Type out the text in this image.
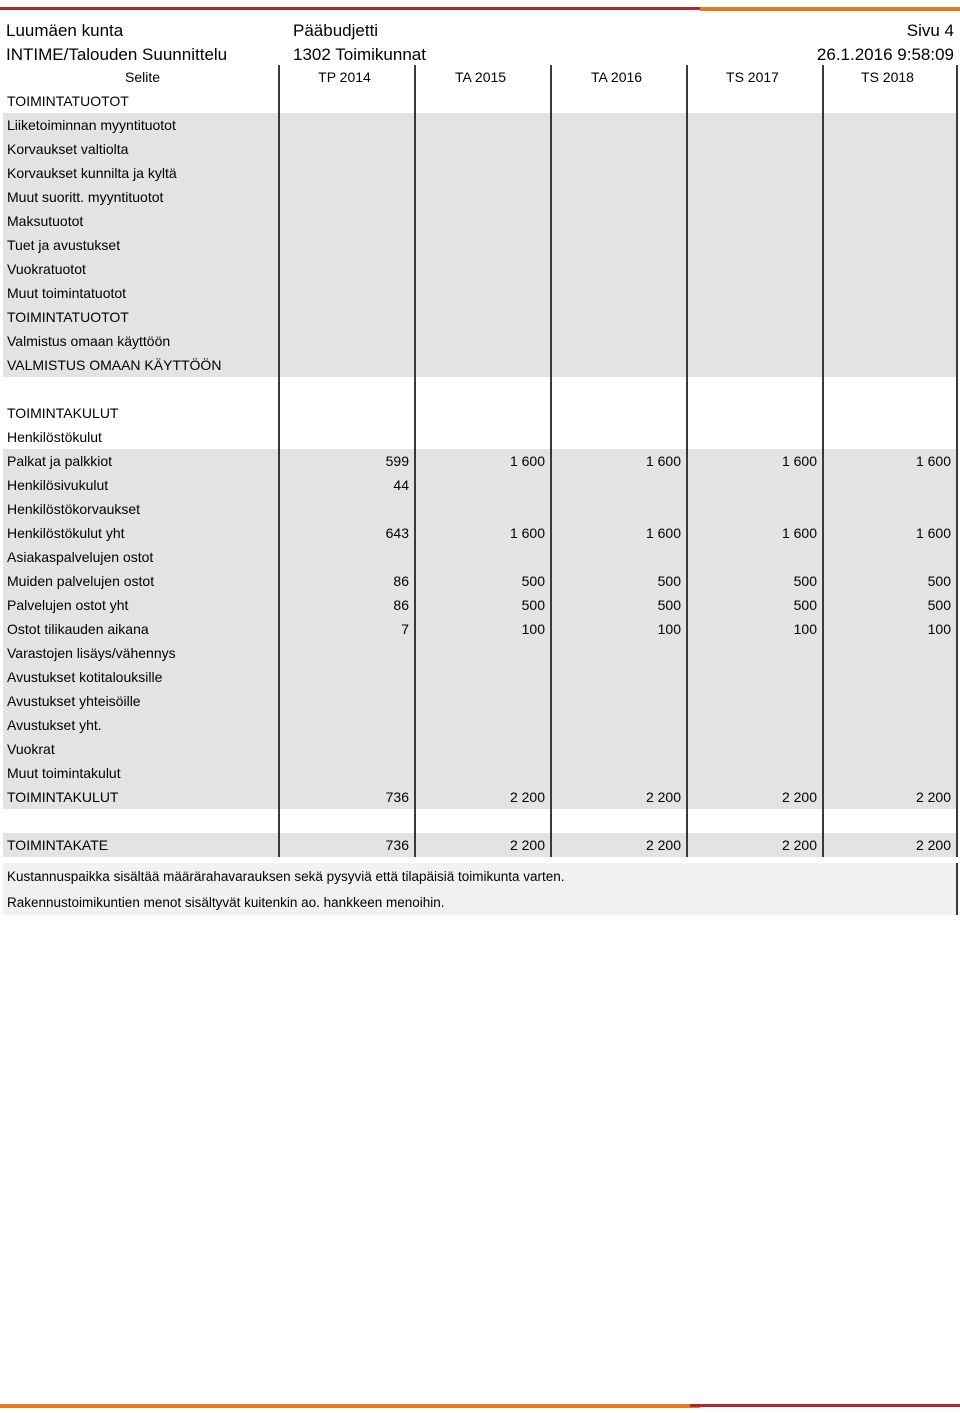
Luumäen kunta	Pääbudjetti	Sivu 4
INTIME/Talouden Suunnittelu	1302 Toimikunnat	26.1.2016 9:58:09
Selite	TP 2014	TA 2015	TA 2016	TS 2017	TS 2018
TOIMINTATUOTOT
Liiketoiminnan myyntituotot
Korvaukset valtiolta
Korvaukset kunnilta ja kyltä
Muut suoritt. myyntituotot
Maksutuotot
Tuet ja avustukset
Vuokratuotot
Muut toimintatuotot
TOIMINTATUOTOT
Valmistus omaan käyttöön
VALMISTUS OMAAN KÄYTTÖÖN
TOIMINTAKULUT
Henkilöstökulut
Palkat ja palkkiot	599	1 600	1 600	1 600	1 600
Henkilösivukulut	44
Henkilöstökorvaukset
Henkilöstökulut yht	643	1 600	1 600	1 600	1 600
Asiakaspalvelujen ostot
Muiden palvelujen ostot	86	500	500	500	500
Palvelujen ostot yht	86	500	500	500	500
Ostot tilikauden aikana	7	100	100	100	100
Varastojen lisäys/vähennys
Avustukset kotitalouksille
Avustukset yhteisöille
Avustukset yht.
Vuokrat
Muut toimintakulut
TOIMINTAKULUT	736	2 200	2 200	2 200	2 200
TOIMINTAKATE	736	2 200	2 200	2 200	2 200
Kustannuspaikka sisältää määrärahavarauksen sekä pysyviä että tilapäisiä toimikunta varten.
Rakennustoimikuntien menot sisältyvät kuitenkin ao. hankkeen menoihin.
